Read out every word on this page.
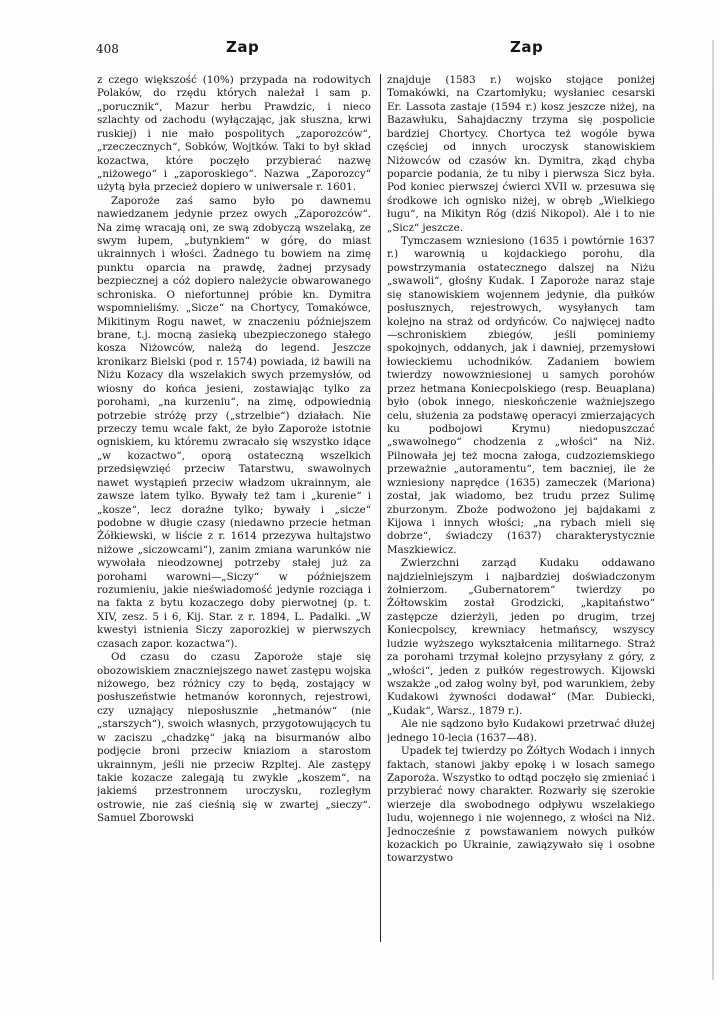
408	Zap	Zap

z czego większość (10%) przypada na rodowitych Polaków, do rzędu których należał i sam p. „porucznik“, Mazur herbu Prawdzic, i nieco szlachty od zachodu (wyłączając, jak słuszna, krwi ruskiej) i nie mało pospolitych „zaporozców“, „rzeczecznych“, Sobków, Wojtków. Taki to był skład kozactwa, które poczęło przybierać nazwę „niżowego“ i „zaporoskiego“. Nazwa „Zaporozcy“ użytą była przecież dopiero w uniwersale r. 1601.

Zaporoże zaś samo było po dawnemu nawiedzanem jedynie przez owych „Zaporozców“. Na zimę wracają oni, ze swą zdobyczą wszelaką, ze swym łupem, „butynkiem“ w górę, do miast ukrainnych i włości. Żadnego tu bowiem na zimę punktu oparcia na prawdę, żadnej przysady bezpiecznej a cóż dopiero należycie obwarowanego schroniska. O niefortunnej próbie kn. Dymitra wspomnieliśmy. „Sicze“ na Chortycy, Tomakówce, Mikitinym Rogu nawet, w znaczeniu późniejszem brane, t.j. mocną zasieką ubezpieczonego stałego kosza Niżowców, należą do legend. Jeszcze kronikarz Bielski (pod r. 1574) powiada, iż bawili na Niżu Kozacy dla wszelakich swych przemysłów, od wiosny do końca jesieni, zostawiając tylko za porohami, „na kurzeniu“, na zimę, odpowiednią potrzebie stróżę przy („strzelbie“) działach. Nie przeczy temu wcale fakt, że było Zaporoże istotnie ogniskiem, ku któremu zwracało się wszystko idące „w kozactwo“, oporą ostateczną wszelkich przedsięwzięć przeciw Tatarstwu, swawolnych nawet wystąpień przeciw władzom ukrainnym, ale zawsze latem tylko. Bywały też tam i „kurenie“ i „kosze“, lecz doraźne tylko; bywały i „sicze“ podobne w długie czasy (niedawno przecie hetman Żółkiewski, w liście z r. 1614 przezywa hultajstwo niżowe „siczowcami“), zanim zmiana warunków nie wywołała nieodzownej potrzeby stałej już za porohami warowni—„Siczy“ w późniejszem rozumieniu, jakie nieświadomość jedynie rozciąga i na fakta z bytu kozaczego doby pierwotnej (p. t. XIV, zesz. 5 i 6, Kij. Star. z r. 1894, L. Padalki. „W kwestyi istnienia Siczy zaporozkiej w pierwszych czasach zapor. kozactwa“).

Od czasu do czasu Zaporoże staje się obozowiskiem znaczniejszego nawet zastępu wojska niżowego, bez różnicy czy to będą, zostający w posłuszeństwie hetmanów koronnych, rejestrowi, czy uznający nieposłusznie „hetmanów“ (nie „starszych“), swoich własnych, przygotowujących tu w zaciszu „chadzkę“ jaką na bisurmanów albo podjęcie broni przeciw kniaziom a starostom ukrainnym, jeśli nie przeciw Rzpltej. Ale zastępy takie kozacze zalegają tu zwykle „koszem“, na jakiemś przestronnem uroczysku, rozległym ostrowie, nie zaś cieśnią się w zwartej „sieczy“. Samuel Zborowski

znajduje (1583 r.) wojsko stojące poniżej Tomakówki, na Czartomłyku; wysłaniec cesarski Er. Lassota zastaje (1594 r.) kosz jeszcze niżej, na Bazawłuku, Sahajdaczny trzyma się pospolicie bardziej Chortycy. Chortyca też wogóle bywa częściej od innych uroczysk stanowiskiem Niżowców od czasów kn. Dymitra, zkąd chyba poparcie podania, że tu niby i pierwsza Sicz była. Pod koniec pierwszej ćwierci XVII w. przesuwa się środkowe ich ognisko niżej, w obręb „Wielkiego ługu“, na Mikityn Róg (dziś Nikopol). Ale i to nie „Sicz“ jeszcze.

Tymczasem wzniesiono (1635 i powtórnie 1637 r.) warownią u kojdackiego porohu, dla powstrzymania ostatecznego dalszej na Niżu „swawoli“, głośny Kudak. I Zaporoże naraz staje się stanowiskiem wojennem jedynie, dla pułków posłusznych, rejestrowych, wysyłanych tam kolejno na straż od ordyńców. Co najwięcej nadto—schroniskiem zbiegów, jeśli pominiemy spokojnych, oddanych, jak i dawniej, przemysłowi łowieckiemu uchodników. Zadaniem bowiem twierdzy nowowzniesionej u samych porohów przez hetmana Koniecpolskiego (resp. Beuaplana) było (obok innego, nieskończenie ważniejszego celu, służenia za podstawę operacyi zmierzających ku podbojowi Krymu) niedopuszczać „swawolnego“ chodzenia z „włości“ na Niż. Pilnowała jej też mocna załoga, cudzoziemskiego przeważnie „autoramentu“, tem baczniej, ile że wzniesiony naprędce (1635) zameczek (Mariona) został, jak wiadomo, bez trudu przez Sulimę zburzonym. Zboże podwożono jej bajdakami z Kijowa i innych włości; „na rybach mieli się dobrze“, świadczy (1637) charakterystycznie Maszkiewicz.

Zwierzchni zarząd Kudaku oddawano najdzielniejszym i najbardziej doświadczonym żołnierzom. „Gubernatorem“ twierdzy po Żółtowskim został Grodzicki, „kapitaństwo“ zastępcze dzierżyli, jeden po drugim, trzej Koniecpolscy, krewniacy hetmańscy, wszyscy ludzie wyższego wykształcenia militarnego. Straż za porohami trzymał kolejno przysyłany z góry, z „włości“, jeden z pułków regestrowych. Kijowski wszakże „od załog wolny był, pod warunkiem, żeby Kudakowi żywności dodawał“ (Mar. Dubiecki, „Kudak“, Warsz., 1879 r.).

Ale nie sądzono było Kudakowi przetrwać dłużej jednego 10-lecia (1637—48).

Upadek tej twierdzy po Żółtych Wodach i innych faktach, stanowi jakby epokę i w losach samego Zaporoża. Wszystko to odtąd poczęło się zmieniać i przybierać nowy charakter. Rozwarły się szerokie wierzeje dla swobodnego odpływu wszelakiego ludu, wojennego i nie wojennego, z włości na Niż. Jednocześnie z powstawaniem nowych pułków kozackich po Ukrainie, zawiązywało się i osobne towarzystwo
